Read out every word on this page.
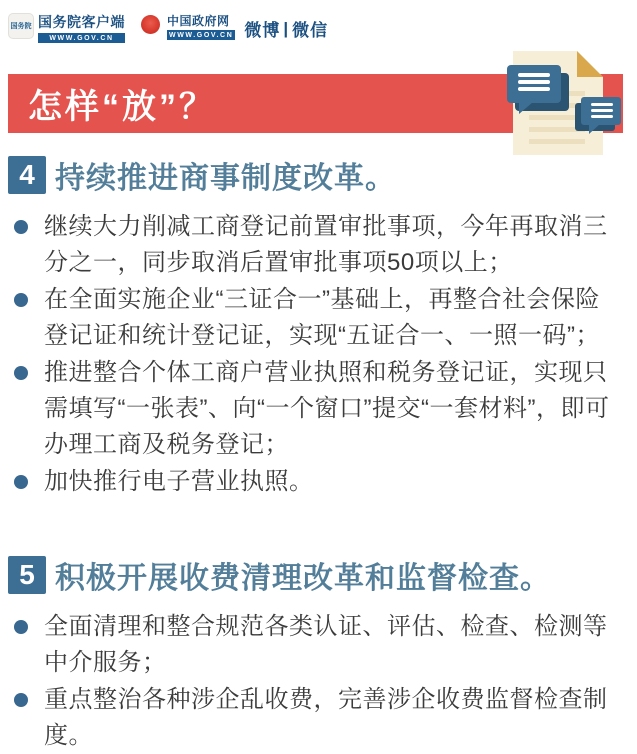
国务院 国务院客户端
WWW.GOV.CN
中国政府网
WWW.GOV.CN 微博 | 微信
怎样“放”？
4 持续推进商事制度改革。
继续大力削减工商登记前置审批事项，今年再取消三分之一，同步取消后置审批事项50项以上；
在全面实施企业“三证合一”基础上，再整合社会保险登记证和统计登记证，实现“五证合一、一照一码”；
推进整合个体工商户营业执照和税务登记证，实现只需填写“一张表”、向“一个窗口”提交“一套材料”，即可办理工商及税务登记；
加快推行电子营业执照。
5 积极开展收费清理改革和监督检查。
全面清理和整合规范各类认证、评估、检查、检测等中介服务；
重点整治各种涉企乱收费，完善涉企收费监督检查制度。
